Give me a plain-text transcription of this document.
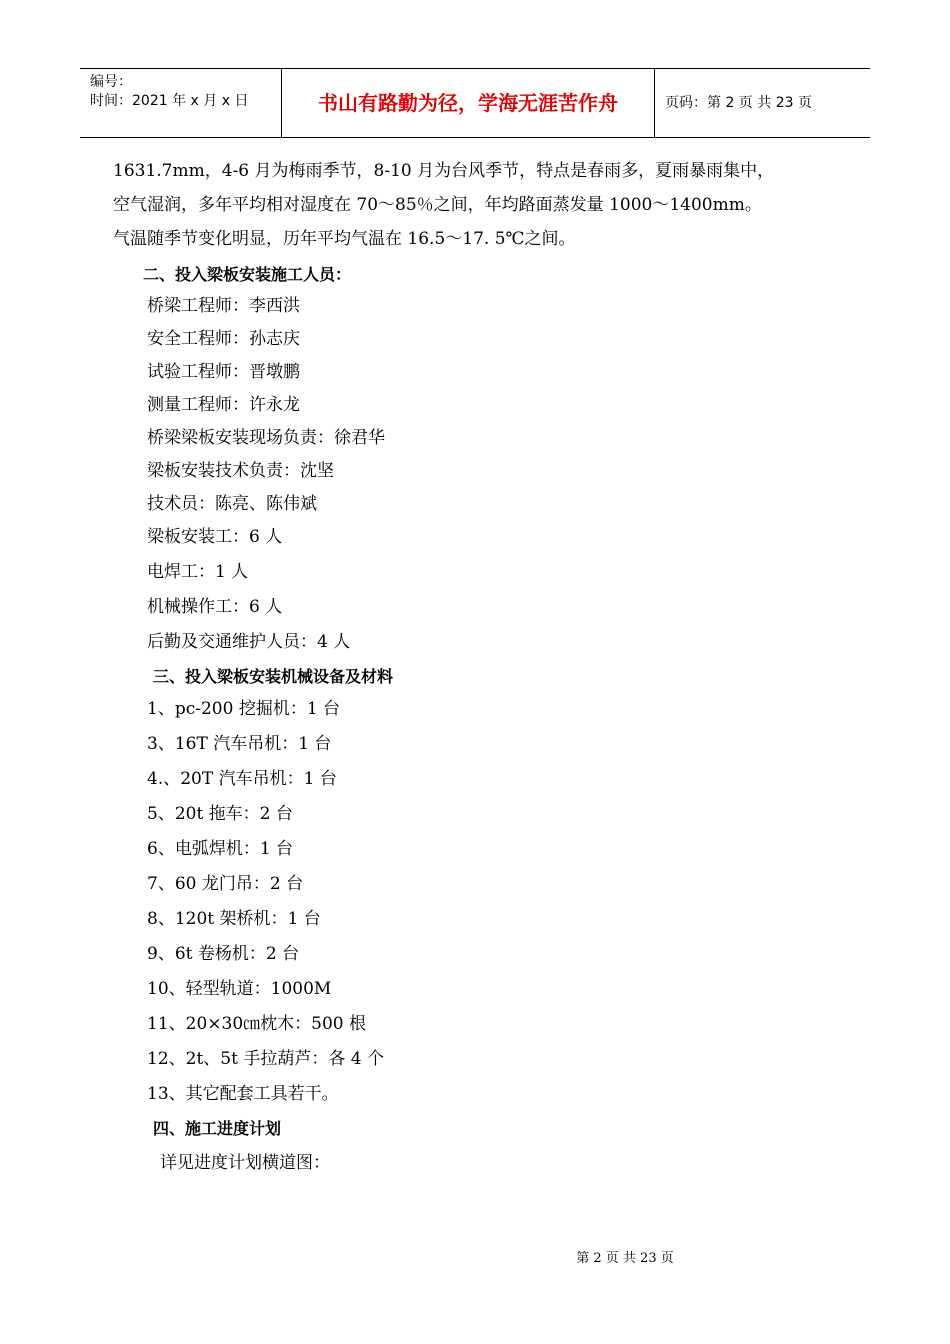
编号：
时间：2021 年 x 月 x 日	书山有路勤为径，学海无涯苦作舟	页码：第 2 页 共 23 页
1631.7mm，4-6 月为梅雨季节，8-10 月为台风季节，特点是春雨多，夏雨暴雨集中，
空气湿润，多年平均相对湿度在 70～85％之间，年均路面蒸发量 1000～1400mm。
气温随季节变化明显，历年平均气温在 16.5～17. 5℃之间。
二、投入梁板安装施工人员：
桥梁工程师：李西洪
安全工程师：孙志庆
试验工程师：晋墩鹏
测量工程师：许永龙
桥梁梁板安装现场负责：徐君华
梁板安装技术负责：沈坚
技术员：陈亮、陈伟斌
梁板安装工：6 人
电焊工：1 人
机械操作工：6 人
后勤及交通维护人员：4 人
三、投入梁板安装机械设备及材料
1、pc-200 挖掘机：1 台
3、16T 汽车吊机：1 台
4.、20T 汽车吊机：1 台
5、20t 拖车：2 台
6、电弧焊机：1 台
7、60 龙门吊：2 台
8、120t 架桥机：1 台
9、6t 卷杨机：2 台
10、轻型轨道：1000M
11、20×30㎝枕木：500 根
12、2t、5t 手拉葫芦：各 4 个
13、其它配套工具若干。
四、施工进度计划
详见进度计划横道图：
第 2 页 共 23 页
